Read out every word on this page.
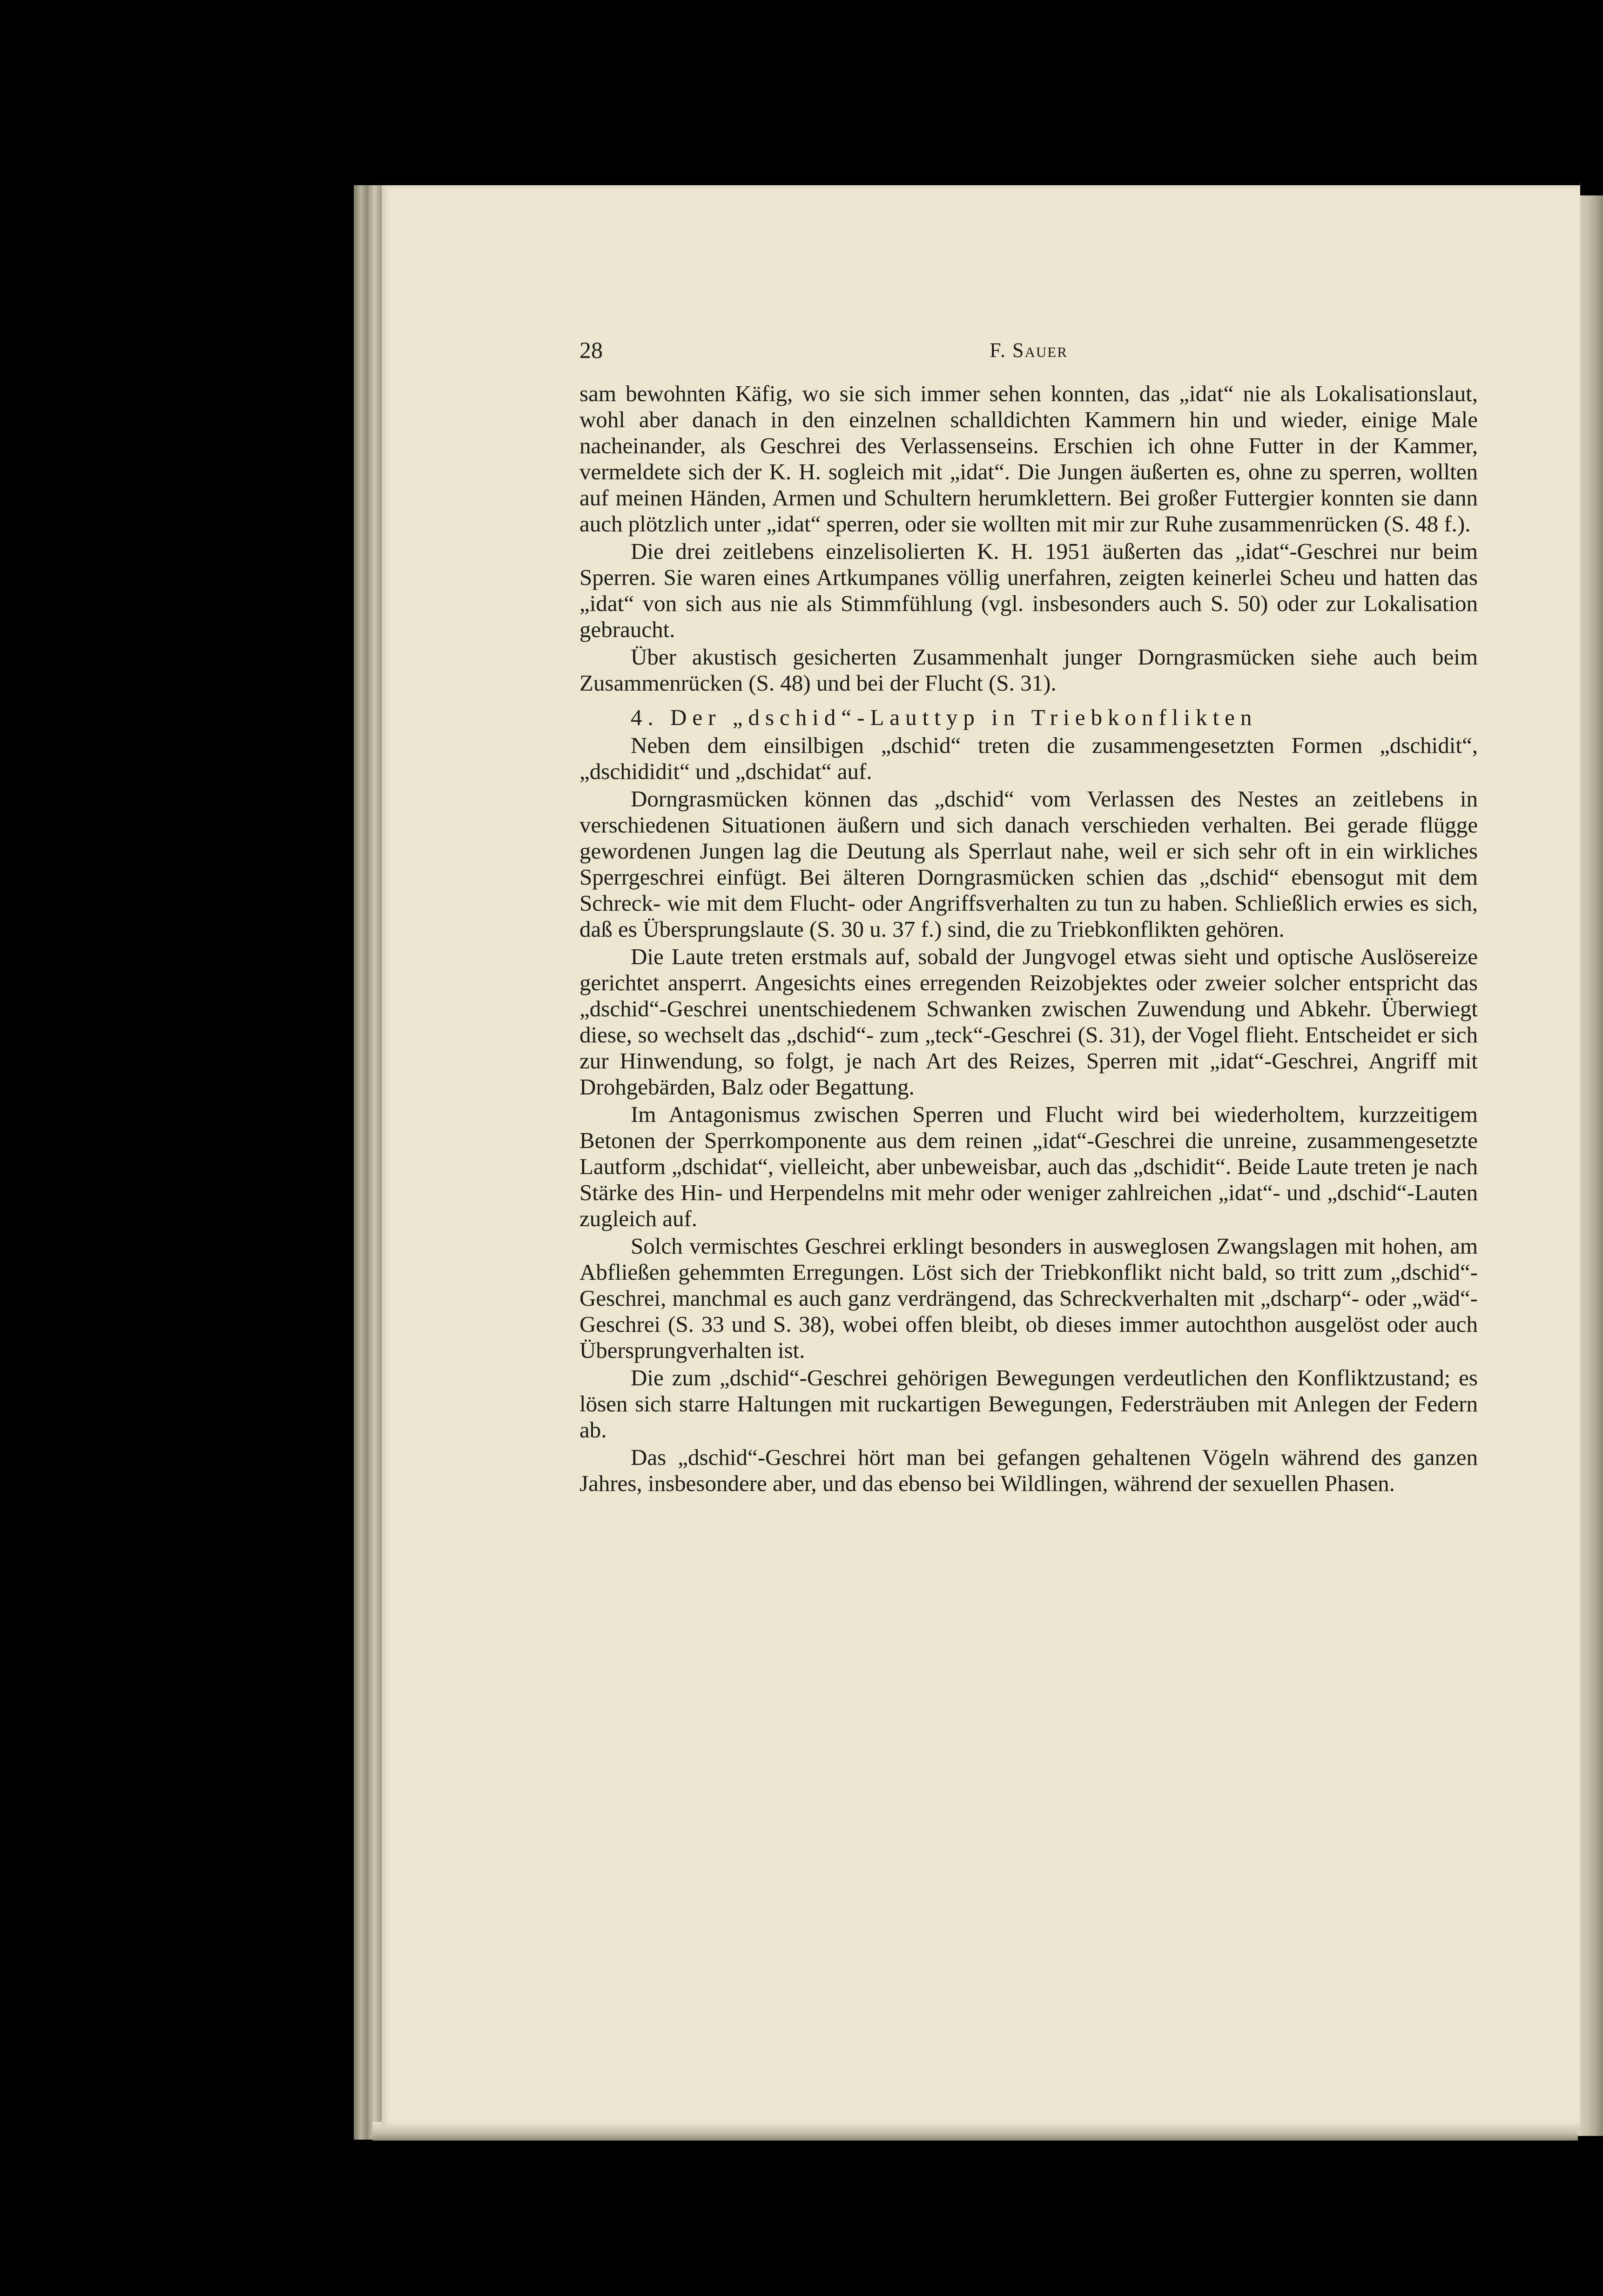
28	F. Sauer

sam bewohnten Käfig, wo sie sich immer sehen konnten, das „idat“ nie als Lokalisationslaut, wohl aber danach in den einzelnen schalldichten Kammern hin und wieder, einige Male nacheinander, als Geschrei des Verlassenseins. Erschien ich ohne Futter in der Kammer, vermeldete sich der K. H. sogleich mit „idat“. Die Jungen äußerten es, ohne zu sperren, wollten auf meinen Händen, Armen und Schultern herumklettern. Bei großer Futtergier konnten sie dann auch plötzlich unter „idat“ sperren, oder sie wollten mit mir zur Ruhe zusammenrücken (S. 48 f.).

Die drei zeitlebens einzelisolierten K. H. 1951 äußerten das „idat“-Geschrei nur beim Sperren. Sie waren eines Artkumpanes völlig unerfahren, zeigten keinerlei Scheu und hatten das „idat“ von sich aus nie als Stimmfühlung (vgl. insbesonders auch S. 50) oder zur Lokalisation gebraucht.

Über akustisch gesicherten Zusammenhalt junger Dorngrasmücken siehe auch beim Zusammenrücken (S. 48) und bei der Flucht (S. 31).

4. Der „dschid“-Lauttyp in Triebkonflikten

Neben dem einsilbigen „dschid“ treten die zusammengesetzten Formen „dschidit“, „dschididit“ und „dschidat“ auf.

Dorngrasmücken können das „dschid“ vom Verlassen des Nestes an zeitlebens in verschiedenen Situationen äußern und sich danach verschieden verhalten. Bei gerade flügge gewordenen Jungen lag die Deutung als Sperrlaut nahe, weil er sich sehr oft in ein wirkliches Sperrgeschrei einfügt. Bei älteren Dorngrasmücken schien das „dschid“ ebensogut mit dem Schreck- wie mit dem Flucht- oder Angriffsverhalten zu tun zu haben. Schließlich erwies es sich, daß es Übersprungslaute (S. 30 u. 37 f.) sind, die zu Triebkonflikten gehören.

Die Laute treten erstmals auf, sobald der Jungvogel etwas sieht und optische Auslösereize gerichtet ansperrt. Angesichts eines erregenden Reizobjektes oder zweier solcher entspricht das „dschid“-Geschrei unentschiedenem Schwanken zwischen Zuwendung und Abkehr. Überwiegt diese, so wechselt das „dschid“- zum „teck“-Geschrei (S. 31), der Vogel flieht. Entscheidet er sich zur Hinwendung, so folgt, je nach Art des Reizes, Sperren mit „idat“-Geschrei, Angriff mit Drohgebärden, Balz oder Begattung.

Im Antagonismus zwischen Sperren und Flucht wird bei wiederholtem, kurzzeitigem Betonen der Sperrkomponente aus dem reinen „idat“-Geschrei die unreine, zusammengesetzte Lautform „dschidat“, vielleicht, aber unbeweisbar, auch das „dschidit“. Beide Laute treten je nach Stärke des Hin- und Herpendelns mit mehr oder weniger zahlreichen „idat“- und „dschid“-Lauten zugleich auf.

Solch vermischtes Geschrei erklingt besonders in ausweglosen Zwangslagen mit hohen, am Abfließen gehemmten Erregungen. Löst sich der Triebkonflikt nicht bald, so tritt zum „dschid“-Geschrei, manchmal es auch ganz verdrängend, das Schreckverhalten mit „dscharp“- oder „wäd“-Geschrei (S. 33 und S. 38), wobei offen bleibt, ob dieses immer autochthon ausgelöst oder auch Übersprungverhalten ist.

Die zum „dschid“-Geschrei gehörigen Bewegungen verdeutlichen den Konfliktzustand; es lösen sich starre Haltungen mit ruckartigen Bewegungen, Federsträuben mit Anlegen der Federn ab.

Das „dschid“-Geschrei hört man bei gefangen gehaltenen Vögeln während des ganzen Jahres, insbesondere aber, und das ebenso bei Wildlingen, während der sexuellen Phasen.
